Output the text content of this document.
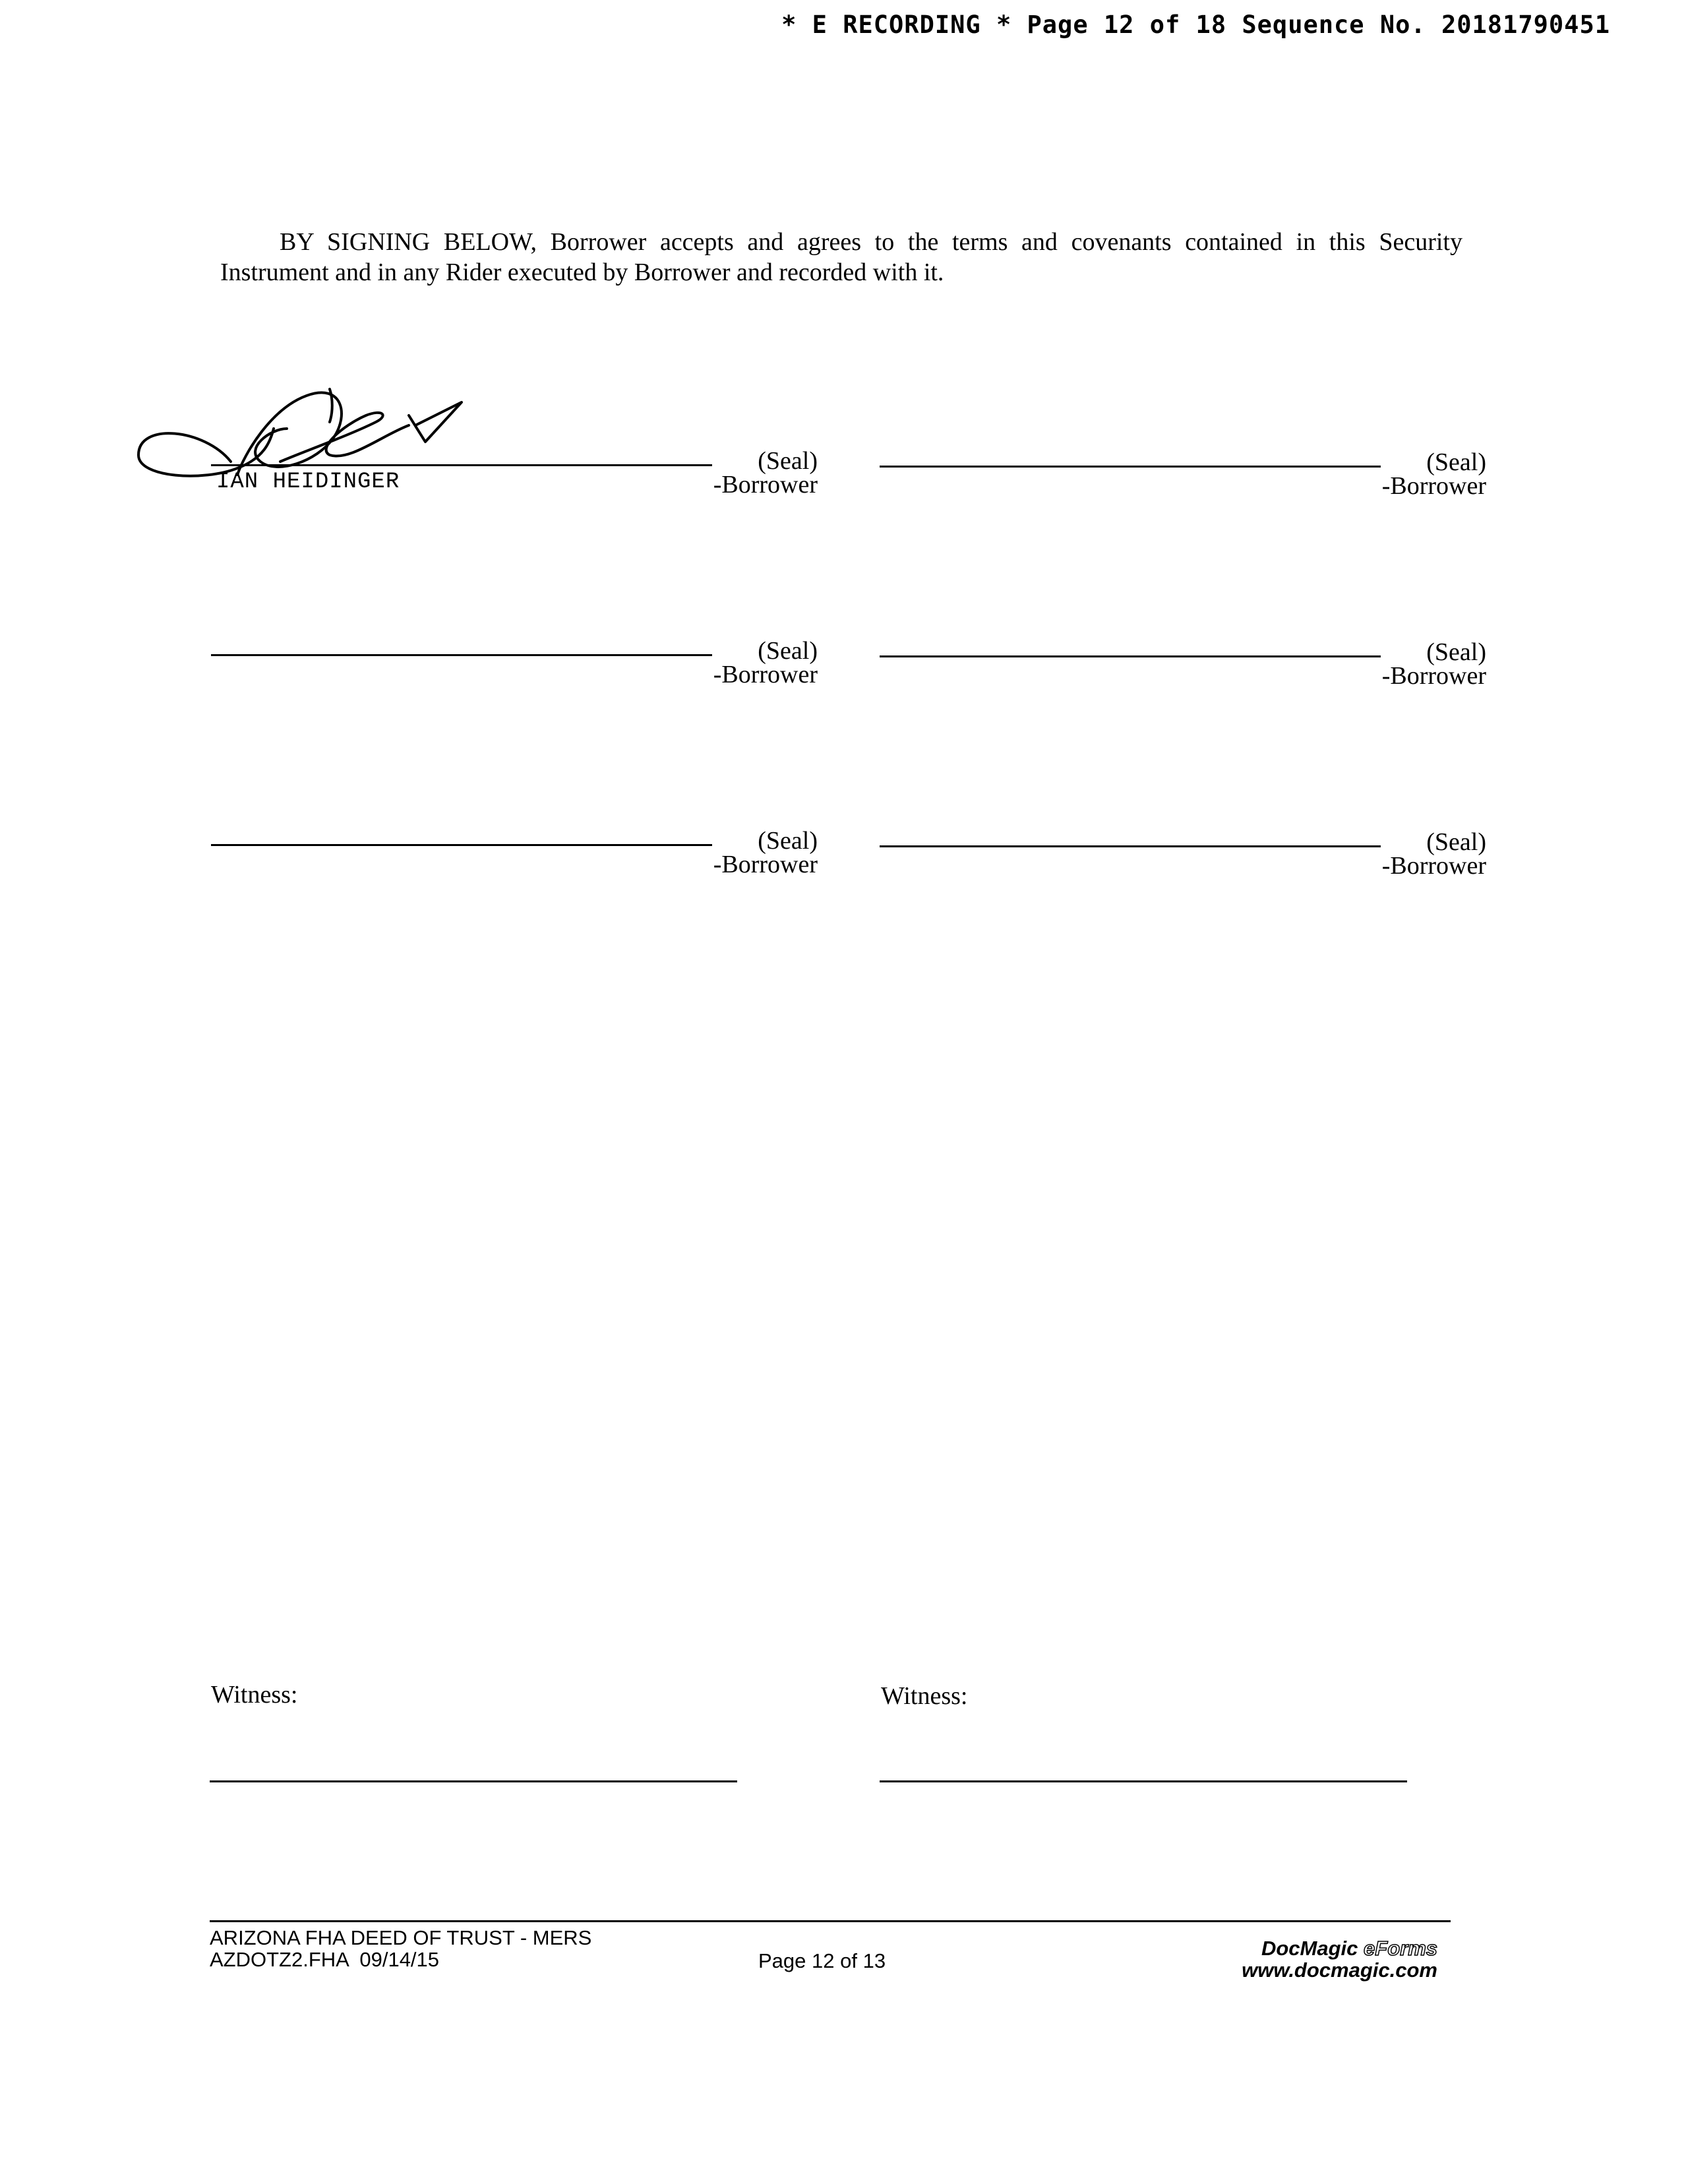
* E RECORDING * Page 12 of 18 Sequence No. 20181790451
BY SIGNING BELOW, Borrower accepts and agrees to the terms and covenants contained in this Security Instrument and in any Rider executed by Borrower and recorded with it.
(Seal)
-Borrower
IAN HEIDINGER
(Seal)
-Borrower
(Seal)
-Borrower
(Seal)
-Borrower
(Seal)
-Borrower
(Seal)
-Borrower
Witness:	Witness:
ARIZONA FHA DEED OF TRUST - MERS
AZDOTZ2.FHA  09/14/15	Page 12 of 13
DocMagic eForms
www.docmagic.com
